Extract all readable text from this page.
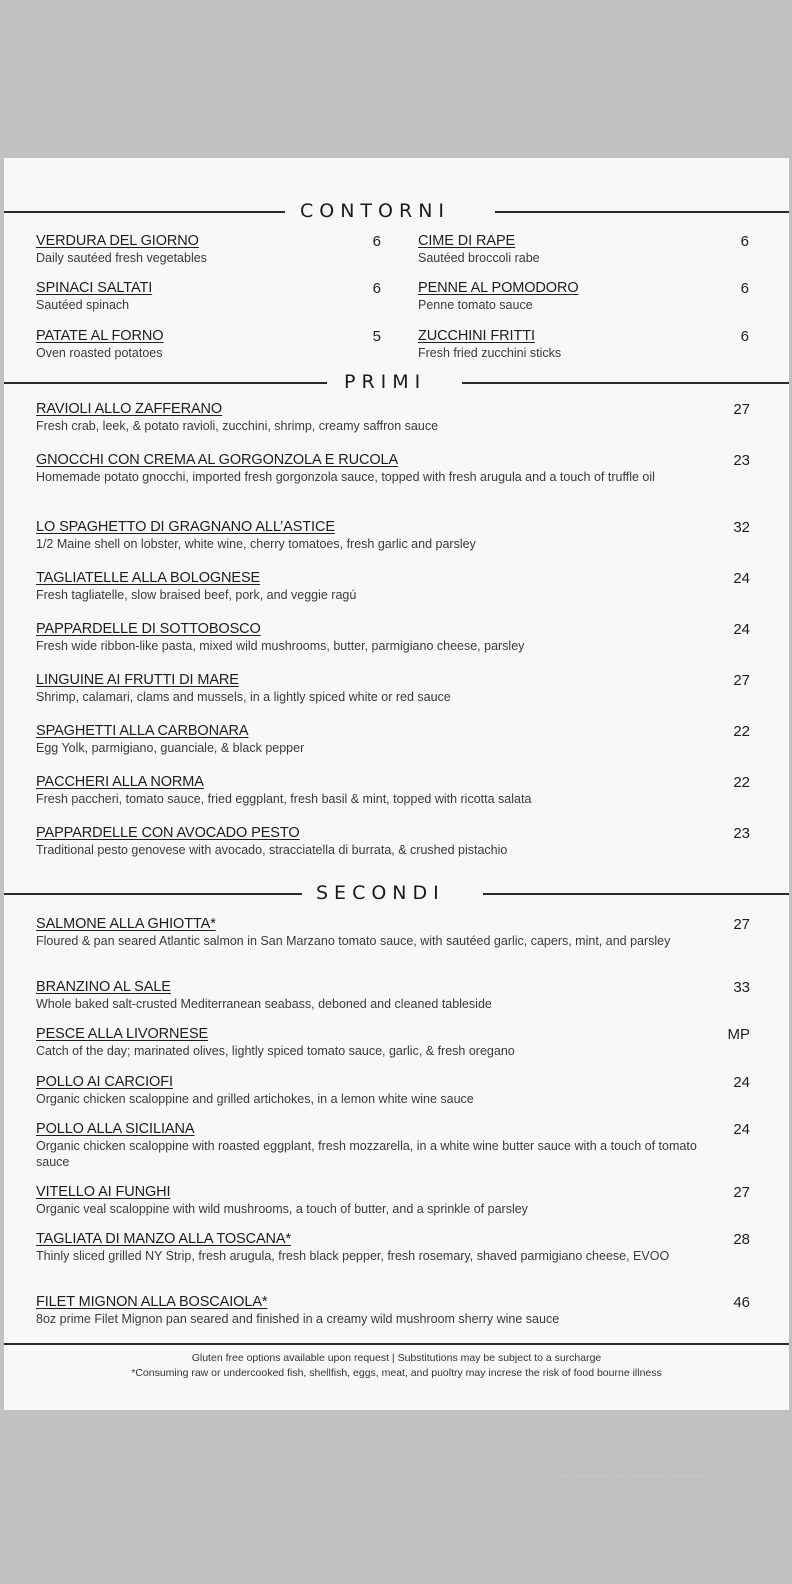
CONTORNI
VERDURA DEL GIORNO
Daily sautéed fresh vegetables
6	CIME DI RAPE
Sautéed broccoli rabe
6
SPINACI SALTATI
Sautéed spinach
6	PENNE AL POMODORO
Penne tomato sauce
6
PATATE AL FORNO
Oven roasted potatoes
5	ZUCCHINI FRITTI
Fresh fried zucchini sticks
6
PRIMI
RAVIOLI ALLO ZAFFERANO
Fresh crab, leek, & potato ravioli, zucchini, shrimp, creamy saffron sauce
27
GNOCCHI CON CREMA AL GORGONZOLA E RUCOLA
Homemade potato gnocchi, imported fresh gorgonzola sauce, topped with fresh arugula and a touch of truffle oil
23
LO SPAGHETTO DI GRAGNANO ALL’ASTICE
1/2 Maine shell on lobster, white wine, cherry tomatoes, fresh garlic and parsley
32
TAGLIATELLE ALLA BOLOGNESE
Fresh tagliatelle, slow braised beef, pork, and veggie ragú
24
PAPPARDELLE DI SOTTOBOSCO
Fresh wide ribbon-like pasta, mixed wild mushrooms, butter, parmigiano cheese, parsley
24
LINGUINE AI FRUTTI DI MARE
Shrimp, calamari, clams and mussels, in a lightly spiced white or red sauce
27
SPAGHETTI ALLA CARBONARA
Egg Yolk, parmigiano, guanciale, & black pepper
22
PACCHERI ALLA NORMA
Fresh paccheri, tomato sauce, fried eggplant, fresh basil & mint, topped with ricotta salata
22
PAPPARDELLE CON AVOCADO PESTO
Traditional pesto genovese with avocado, stracciatella di burrata, & crushed pistachio
23
SECONDI
SALMONE ALLA GHIOTTA*
Floured & pan seared Atlantic salmon in San Marzano tomato sauce, with sautéed garlic, capers, mint, and parsley
27
BRANZINO AL SALE
Whole baked salt-crusted Mediterranean seabass, deboned and cleaned tableside
33
PESCE ALLA LIVORNESE
Catch of the day; marinated olives, lightly spiced tomato sauce, garlic, & fresh oregano
MP
POLLO AI CARCIOFI
Organic chicken scaloppine and grilled artichokes, in a lemon white wine sauce
24
POLLO ALLA SICILIANA
Organic chicken scaloppine with roasted eggplant, fresh mozzarella, in a white wine butter sauce with a touch of tomato sauce
24
VITELLO AI FUNGHI
Organic veal scaloppine with wild mushrooms, a touch of butter, and a sprinkle of parsley
27
TAGLIATA DI MANZO ALLA TOSCANA*
Thinly sliced grilled NY Strip, fresh arugula, fresh black pepper, fresh rosemary, shaved parmigiano cheese, EVOO
28
FILET MIGNON ALLA BOSCAIOLA*
8oz prime Filet Mignon pan seared and finished in a creamy wild mushroom sherry wine sauce
46
Gluten free options available upon request | Substitutions may be subject to a surcharge
*Consuming raw or undercooked fish, shellfish, eggs, meat, and puoltry may increse the risk of food bourne illness
